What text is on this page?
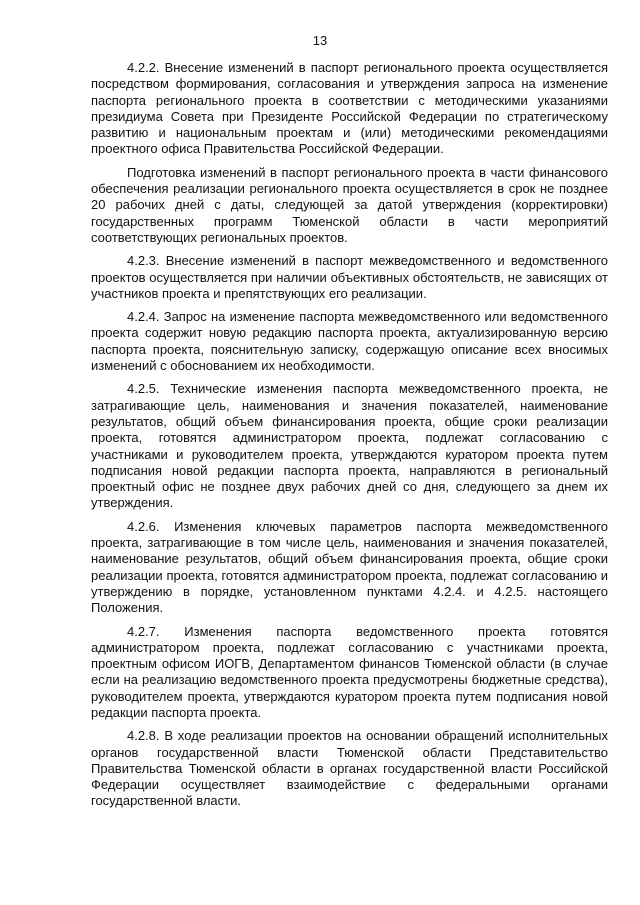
13

4.2.2. Внесение изменений в паспорт регионального проекта осуществляется посредством формирования, согласования и утверждения запроса на изменение паспорта регионального проекта в соответствии с методическими указаниями президиума Совета при Президенте Российской Федерации по стратегическому развитию и национальным проектам и (или) методическими рекомендациями проектного офиса Правительства Российской Федерации.

Подготовка изменений в паспорт регионального проекта в части финансового обеспечения реализации регионального проекта осуществляется в срок не позднее 20 рабочих дней с даты, следующей за датой утверждения (корректировки) государственных программ Тюменской области в части мероприятий соответствующих региональных проектов.

4.2.3. Внесение изменений в паспорт межведомственного и ведомственного проектов осуществляется при наличии объективных обстоятельств, не зависящих от участников проекта и препятствующих его реализации.

4.2.4. Запрос на изменение паспорта межведомственного или ведомственного проекта содержит новую редакцию паспорта проекта, актуализированную версию паспорта проекта, пояснительную записку, содержащую описание всех вносимых изменений с обоснованием их необходимости.

4.2.5. Технические изменения паспорта межведомственного проекта, не затрагивающие цель, наименования и значения показателей, наименование результатов, общий объем финансирования проекта, общие сроки реализации проекта, готовятся администратором проекта, подлежат согласованию с участниками и руководителем проекта, утверждаются куратором проекта путем подписания новой редакции паспорта проекта, направляются в региональный проектный офис не позднее двух рабочих дней со дня, следующего за днем их утверждения.

4.2.6. Изменения ключевых параметров паспорта межведомственного проекта, затрагивающие в том числе цель, наименования и значения показателей, наименование результатов, общий объем финансирования проекта, общие сроки реализации проекта, готовятся администратором проекта, подлежат согласованию и утверждению в порядке, установленном пунктами 4.2.4. и 4.2.5. настоящего Положения.

4.2.7. Изменения паспорта ведомственного проекта готовятся администратором проекта, подлежат согласованию с участниками проекта, проектным офисом ИОГВ, Департаментом финансов Тюменской области (в случае если на реализацию ведомственного проекта предусмотрены бюджетные средства), руководителем проекта, утверждаются куратором проекта путем подписания новой редакции паспорта проекта.

4.2.8. В ходе реализации проектов на основании обращений исполнительных органов государственной власти Тюменской области Представительство Правительства Тюменской области в органах государственной власти Российской Федерации осуществляет взаимодействие с федеральными органами государственной власти.
